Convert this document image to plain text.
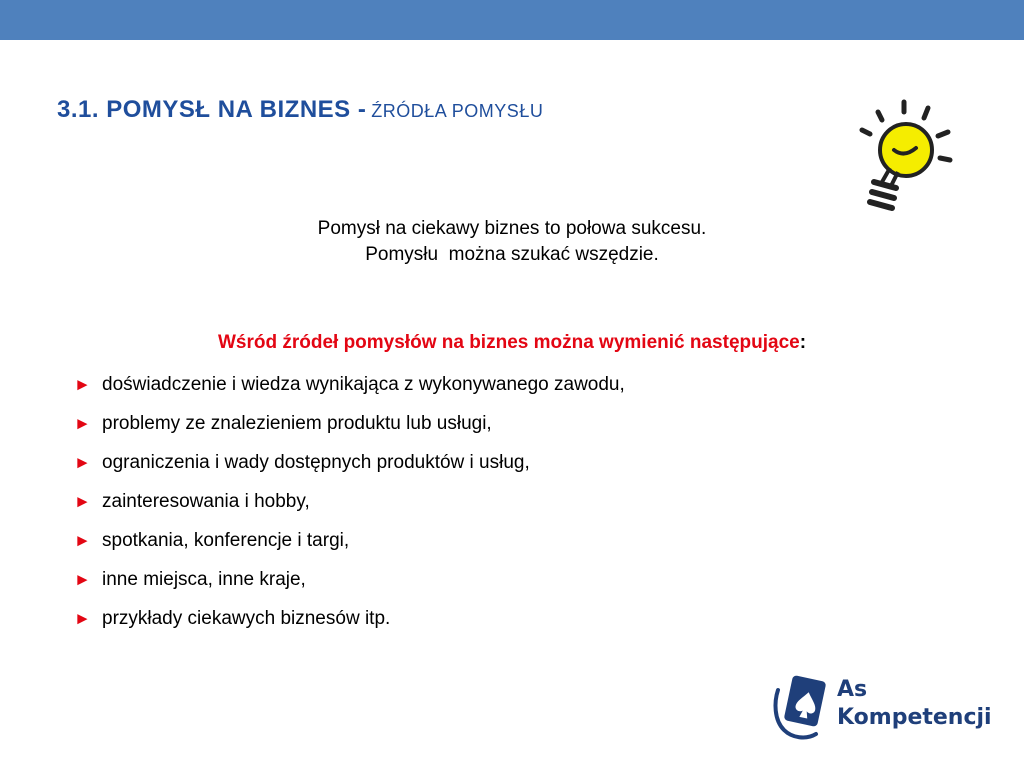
3.1. POMYSŁ NA BIZNES - ŹRÓDŁA POMYSŁU
Pomysł na ciekawy biznes to połowa sukcesu.
Pomysłu  można szukać wszędzie.
Wśród źródeł pomysłów na biznes można wymienić następujące:
► doświadczenie i wiedza wynikająca z wykonywanego zawodu,
► problemy ze znalezieniem produktu lub usługi,
► ograniczenia i wady dostępnych produktów i usług,
► zainteresowania i hobby,
► spotkania, konferencje i targi,
► inne miejsca, inne kraje,
► przykłady ciekawych biznesów itp.
As
Kompetencji
